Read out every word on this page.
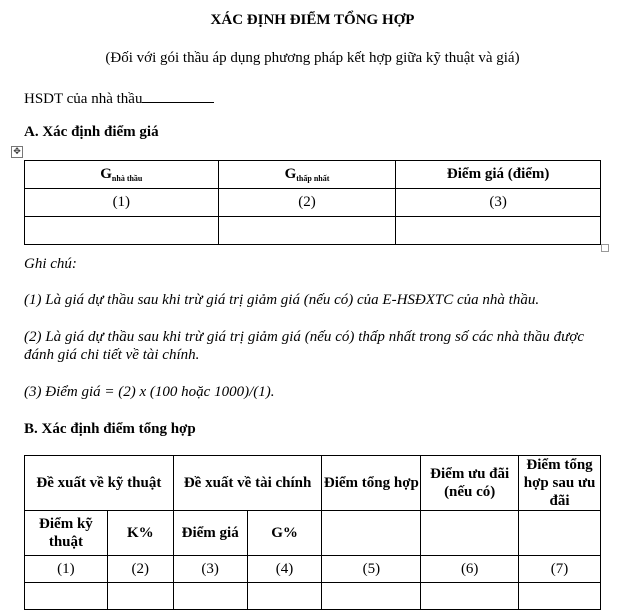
XÁC ĐỊNH ĐIỂM TỔNG HỢP
(Đối với gói thầu áp dụng phương pháp kết hợp giữa kỹ thuật và giá)
HSDT của nhà thầu
A. Xác định điểm giá
✥
$G_{nhà thầu}$	$G_{thấp nhất}$	Điểm giá (điểm)
(1)	(2)	(3)

Ghi chú:
(1) Là giá dự thầu sau khi trừ giá trị giảm giá (nếu có) của E-HSĐXTC của nhà thầu.
(2) Là giá dự thầu sau khi trừ giá trị giảm giá (nếu có) thấp nhất trong số các nhà thầu được đánh giá chi tiết về tài chính.
(3) Điểm giá = (2) x (100 hoặc 1000)/(1).
B. Xác định điểm tổng hợp
Đề xuất về kỹ thuật		Đề xuất về tài chính		Điểm tổng hợp	Điểm ưu đãi (nếu có)	Điểm tổng hợp sau ưu đãi
Điểm kỹ thuật	K%	Điểm giá	G%			
(1)	(2)	(3)	(4)	(5)	(6)	(7)
